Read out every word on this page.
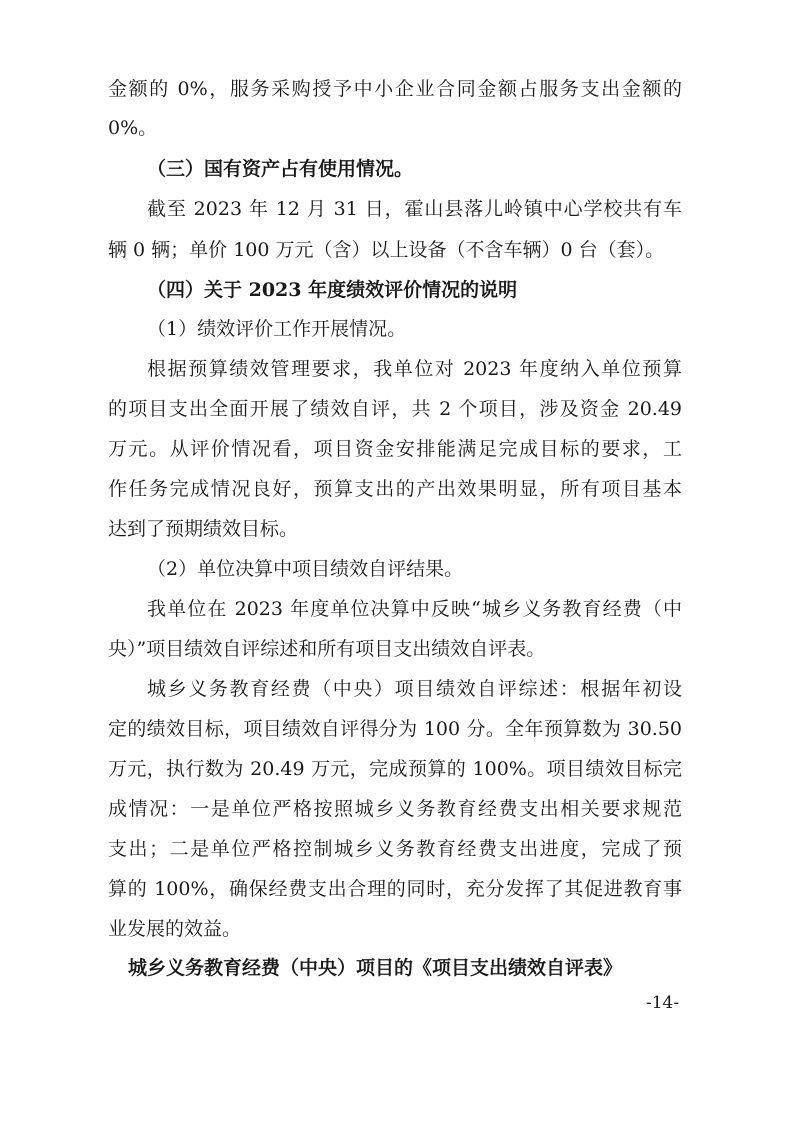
金额的 0%，服务采购授予中小企业合同金额占服务支出金额的

0%。

（三）国有资产占有使用情况。

截至 2023 年 12 月 31 日，霍山县落儿岭镇中心学校共有车

辆 0 辆；单价 100 万元（含）以上设备（不含车辆）0 台（套）。

（四）关于 2023 年度绩效评价情况的说明

（1）绩效评价工作开展情况。

根据预算绩效管理要求，我单位对 2023 年度纳入单位预算

的项目支出全面开展了绩效自评，共 2 个项目，涉及资金 20.49

万元。从评价情况看，项目资金安排能满足完成目标的要求，工

作任务完成情况良好，预算支出的产出效果明显，所有项目基本

达到了预期绩效目标。

（2）单位决算中项目绩效自评结果。

我单位在 2023 年度单位决算中反映“城乡义务教育经费（中

央）”项目绩效自评综述和所有项目支出绩效自评表。

城乡义务教育经费（中央）项目绩效自评综述：根据年初设

定的绩效目标，项目绩效自评得分为 100 分。全年预算数为 30.50

万元，执行数为 20.49 万元，完成预算的 100%。项目绩效目标完

成情况：一是单位严格按照城乡义务教育经费支出相关要求规范

支出；二是单位严格控制城乡义务教育经费支出进度，完成了预

算的 100%，确保经费支出合理的同时，充分发挥了其促进教育事

业发展的效益。

城乡义务教育经费（中央）项目的《项目支出绩效自评表》

-14-
